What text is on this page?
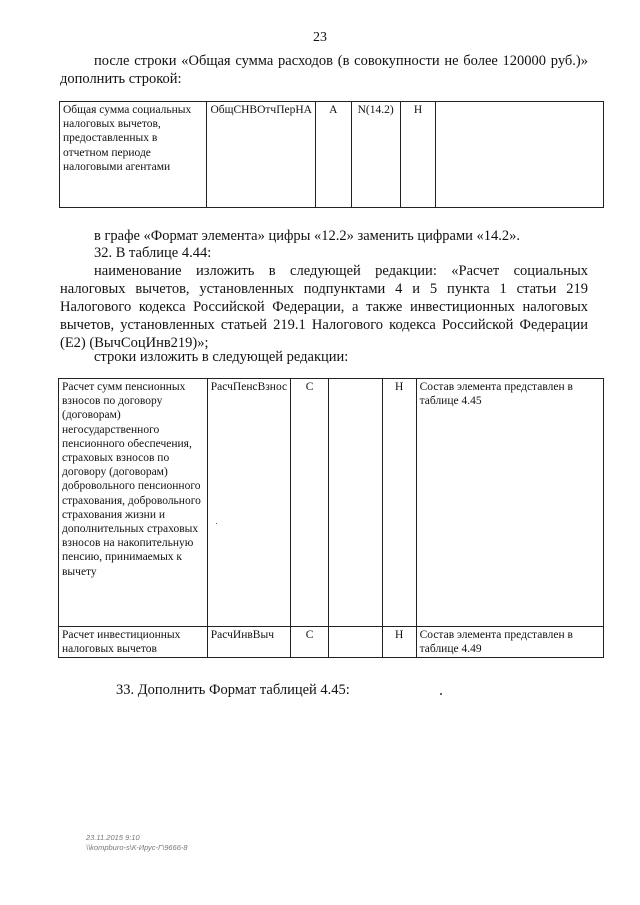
23
после строки «Общая сумма расходов (в совокупности не более 120000 руб.)» дополнить строкой:
Общая сумма социальных налоговых вычетов, предоставленных в отчетном периоде налоговыми агентами	ОбщСНВОтчПерНА	А	N(14.2)	Н	
в графе «Формат элемента» цифры «12.2» заменить цифрами «14.2».
32. В таблице 4.44:
наименование изложить в следующей редакции: «Расчет социальных налоговых вычетов, установленных подпунктами 4 и 5 пункта 1 статьи 219 Налогового кодекса Российской Федерации, а также инвестиционных налоговых вычетов, установленных статьей 219.1 Налогового кодекса Российской Федерации (Е2) (ВычСоцИнв219)»;
строки изложить в следующей редакции:
Расчет сумм пенсионных взносов по договору (договорам) негосударственного пенсионного обеспечения, страховых взносов по договору (договорам) добровольного пенсионного страхования, добровольного страхования жизни и дополнительных страховых взносов на накопительную пенсию, принимаемых к вычету	РасчПенсВзнос	С		Н	Состав элемента представлен в таблице 4.45
Расчет инвестиционных налоговых вычетов	РасчИнвВыч	С		Н	Состав элемента представлен в таблице 4.49
33. Дополнить Формат таблицей 4.45:
23.11.2015 9:10
\\kompburo-s\К-Ирус-Г\9666-8
